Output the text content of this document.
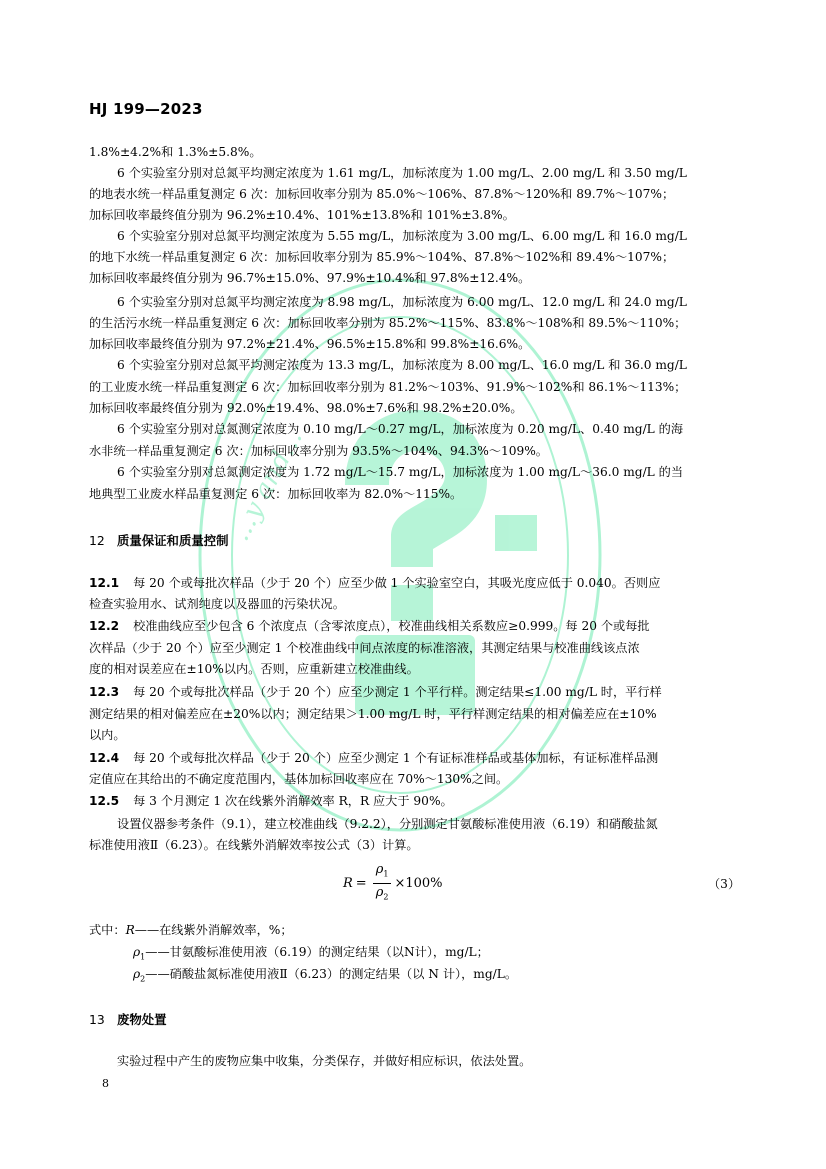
...y and...
HJ 199—2023
1.8%±4.2%和 1.3%±5.8%。
6 个实验室分别对总氮平均测定浓度为 1.61 mg/L，加标浓度为 1.00 mg/L、2.00 mg/L 和 3.50 mg/L
的地表水统一样品重复测定 6 次：加标回收率分别为 85.0%～106%、87.8%～120%和 89.7%～107%；
加标回收率最终值分别为 96.2%±10.4%、101%±13.8%和 101%±3.8%。
6 个实验室分别对总氮平均测定浓度为 5.55 mg/L，加标浓度为 3.00 mg/L、6.00 mg/L 和 16.0 mg/L
的地下水统一样品重复测定 6 次：加标回收率分别为 85.9%～104%、87.8%～102%和 89.4%～107%；
加标回收率最终值分别为 96.7%±15.0%、97.9%±10.4%和 97.8%±12.4%。
6 个实验室分别对总氮平均测定浓度为 8.98 mg/L，加标浓度为 6.00 mg/L、12.0 mg/L 和 24.0 mg/L
的生活污水统一样品重复测定 6 次：加标回收率分别为 85.2%～115%、83.8%～108%和 89.5%～110%；
加标回收率最终值分别为 97.2%±21.4%、96.5%±15.8%和 99.8%±16.6%。
6 个实验室分别对总氮平均测定浓度为 13.3 mg/L，加标浓度为 8.00 mg/L、16.0 mg/L 和 36.0 mg/L
的工业废水统一样品重复测定 6 次：加标回收率分别为 81.2%～103%、91.9%～102%和 86.1%～113%；
加标回收率最终值分别为 92.0%±19.4%、98.0%±7.6%和 98.2%±20.0%。
6 个实验室分别对总氮测定浓度为 0.10 mg/L～0.27 mg/L，加标浓度为 0.20 mg/L、0.40 mg/L 的海
水非统一样品重复测定 6 次：加标回收率分别为 93.5%～104%、94.3%～109%。
6 个实验室分别对总氮测定浓度为 1.72 mg/L～15.7 mg/L，加标浓度为 1.00 mg/L～36.0 mg/L 的当
地典型工业废水样品重复测定 6 次：加标回收率为 82.0%～115%。
12 质量保证和质量控制
12.1 每 20 个或每批次样品（少于 20 个）应至少做 1 个实验室空白，其吸光度应低于 0.040。否则应
检查实验用水、试剂纯度以及器皿的污染状况。
12.2 校准曲线应至少包含 6 个浓度点（含零浓度点），校准曲线相关系数应≥0.999。每 20 个或每批
次样品（少于 20 个）应至少测定 1 个校准曲线中间点浓度的标准溶液，其测定结果与校准曲线该点浓
度的相对误差应在±10%以内。否则，应重新建立校准曲线。
12.3 每 20 个或每批次样品（少于 20 个）应至少测定 1 个平行样。测定结果≤1.00 mg/L 时，平行样
测定结果的相对偏差应在±20%以内；测定结果＞1.00 mg/L 时，平行样测定结果的相对偏差应在±10%
以内。
12.4 每 20 个或每批次样品（少于 20 个）应至少测定 1 个有证标准样品或基体加标，有证标准样品测
定值应在其给出的不确定度范围内，基体加标回收率应在 70%～130%之间。
12.5 每 3 个月测定 1 次在线紫外消解效率 R，R 应大于 90%。
设置仪器参考条件（9.1），建立校准曲线（9.2.2），分别测定甘氨酸标准使用液（6.19）和硝酸盐氮
标准使用液Ⅱ（6.23）。在线紫外消解效率按公式（3）计算。
$R = \frac{\rho_1}{\rho_2} \times 100\%$	（3）
式中：R——在线紫外消解效率，%；
$\rho_1——$甘氨酸标准使用液（6.19）的测定结果（以N计），mg/L；
$\rho_2——$硝酸盐氮标准使用液Ⅱ（6.23）的测定结果（以 N 计），mg/L。
13 废物处置
实验过程中产生的废物应集中收集，分类保存，并做好相应标识，依法处置。
8
